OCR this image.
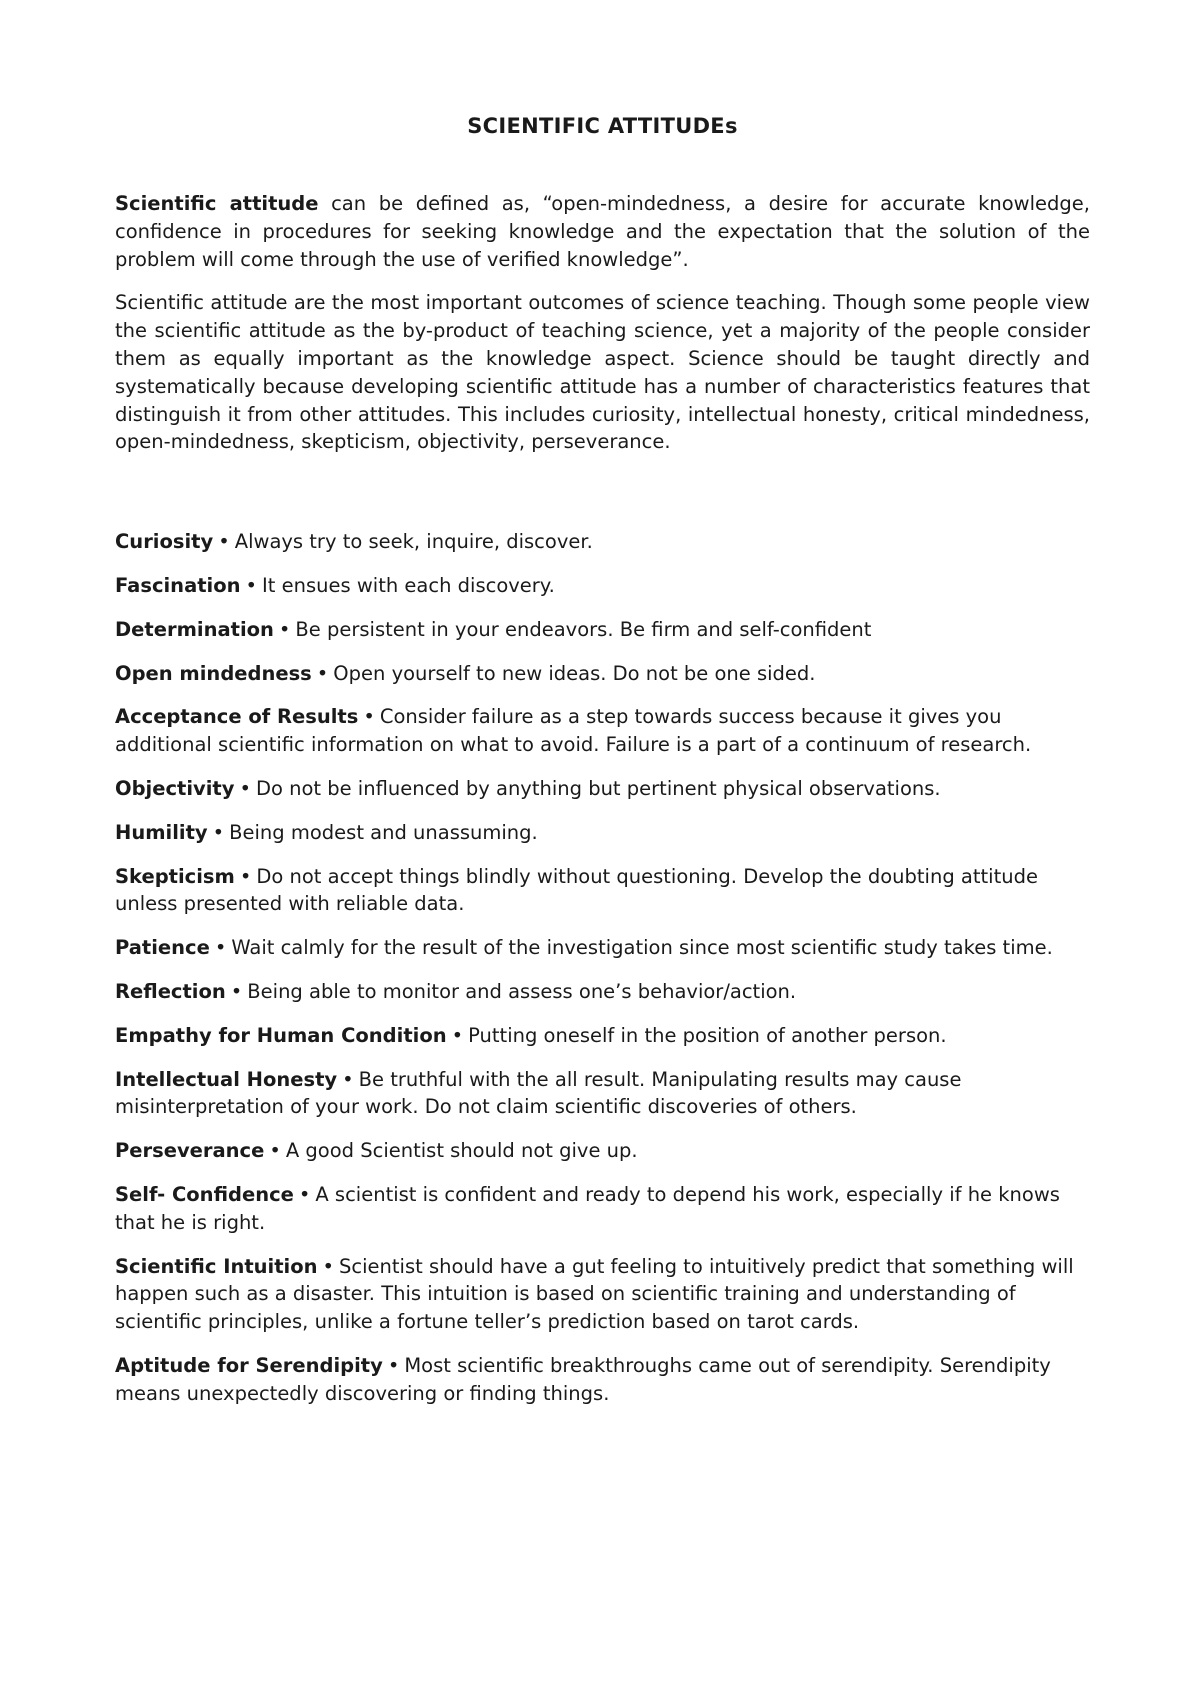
SCIENTIFIC ATTITUDEs

Scientific attitude can be defined as, “open-mindedness, a desire for accurate knowledge, confidence in procedures for seeking knowledge and the expectation that the solution of the problem will come through the use of verified knowledge”.

Scientific attitude are the most important outcomes of science teaching. Though some people view the scientific attitude as the by-product of teaching science, yet a majority of the people consider them as equally important as the knowledge aspect. Science should be taught directly and systematically because developing scientific attitude has a number of characteristics features that distinguish it from other attitudes. This includes curiosity, intellectual honesty, critical mindedness, open-mindedness, skepticism, objectivity, perseverance.

Curiosity • Always try to seek, inquire, discover.
Fascination • It ensues with each discovery.
Determination • Be persistent in your endeavors. Be firm and self-confident
Open mindedness • Open yourself to new ideas. Do not be one sided.
Acceptance of Results • Consider failure as a step towards success because it gives you additional scientific information on what to avoid. Failure is a part of a continuum of research.
Objectivity • Do not be influenced by anything but pertinent physical observations.
Humility • Being modest and unassuming.
Skepticism • Do not accept things blindly without questioning. Develop the doubting attitude unless presented with reliable data.
Patience • Wait calmly for the result of the investigation since most scientific study takes time.
Reflection • Being able to monitor and assess one’s behavior/action.
Empathy for Human Condition • Putting oneself in the position of another person.
Intellectual Honesty • Be truthful with the all result. Manipulating results may cause misinterpretation of your work. Do not claim scientific discoveries of others.
Perseverance • A good Scientist should not give up.
Self- Confidence • A scientist is confident and ready to depend his work, especially if he knows that he is right.
Scientific Intuition • Scientist should have a gut feeling to intuitively predict that something will happen such as a disaster. This intuition is based on scientific training and understanding of scientific principles, unlike a fortune teller’s prediction based on tarot cards.
Aptitude for Serendipity • Most scientific breakthroughs came out of serendipity. Serendipity means unexpectedly discovering or finding things.
